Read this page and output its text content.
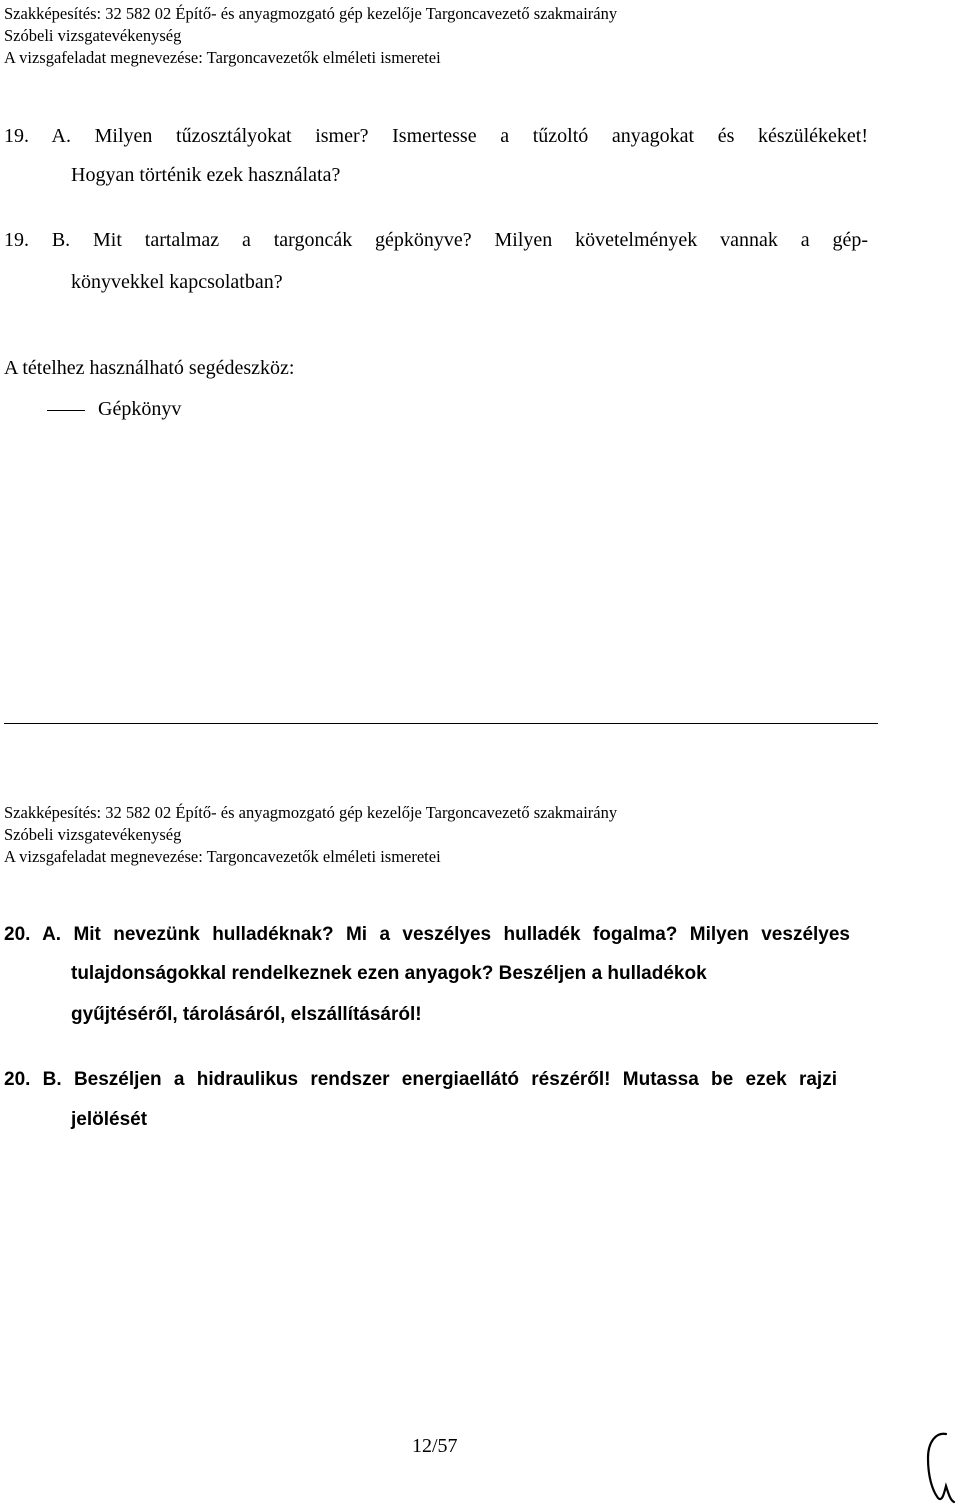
Szakképesítés: 32 582 02 Építő- és anyagmozgató gép kezelője Targoncavezető szakmairány
Szóbeli vizsgatevékenység
A vizsgafeladat megnevezése: Targoncavezetők elméleti ismeretei
19. A. Milyen tűzosztályokat ismer? Ismertesse a tűzoltó anyagokat és készülékeket!
Hogyan történik ezek használata?
19. B. Mit tartalmaz a targoncák gépkönyve? Milyen követelmények vannak a gép-
könyvekkel kapcsolatban?
A tételhez használható segédeszköz:
Gépkönyv
Szakképesítés: 32 582 02 Építő- és anyagmozgató gép kezelője Targoncavezető szakmairány
Szóbeli vizsgatevékenység
A vizsgafeladat megnevezése: Targoncavezetők elméleti ismeretei
20. A. Mit nevezünk hulladéknak? Mi a veszélyes hulladék fogalma? Milyen veszélyes
tulajdonságokkal rendelkeznek ezen anyagok? Beszéljen a hulladékok
gyűjtéséről, tárolásáról, elszállításáról!
20. B. Beszéljen a hidraulikus rendszer energiaellátó részéről! Mutassa be ezek rajzi
jelölését
12/57
